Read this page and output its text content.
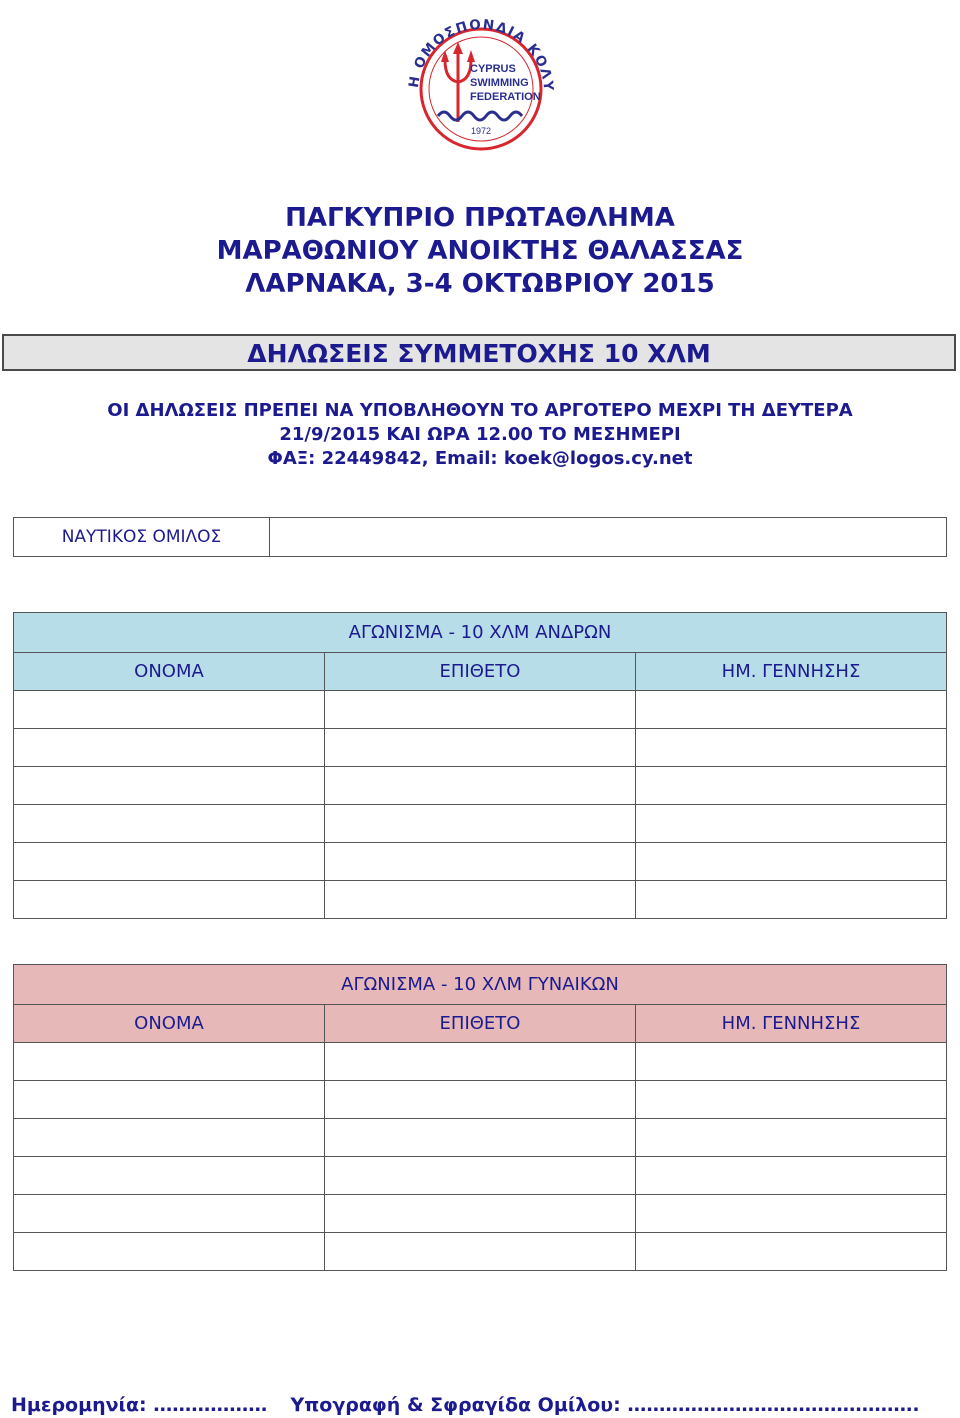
Η ΟΜΟΣΠΟΝΔΙΑ ΚΟΛΥ
CYPRUS
SWIMMING
FEDERATION
1972
ΠΑΓΚΥΠΡΙΟ ΠΡΩΤΑΘΛΗΜΑ
ΜΑΡΑΘΩΝΙΟΥ ΑΝΟΙΚΤΗΣ ΘΑΛΑΣΣΑΣ
ΛΑΡΝΑΚΑ, 3-4 ΟΚΤΩΒΡΙΟΥ 2015
ΔΗΛΩΣΕΙΣ ΣΥΜΜΕΤΟΧΗΣ 10 ΧΛΜ
ΟΙ ΔΗΛΩΣΕΙΣ ΠΡΕΠΕΙ ΝΑ ΥΠΟΒΛΗΘΟΥΝ ΤΟ ΑΡΓΟΤΕΡΟ ΜΕΧΡΙ ΤΗ ΔΕΥΤΕΡΑ
21/9/2015 ΚΑΙ ΩΡΑ 12.00 ΤΟ ΜΕΣΗΜΕΡΙ
ΦΑΞ: 22449842, Email: koek@logos.cy.net
ΝΑΥΤΙΚΟΣ ΟΜΙΛΟΣ
ΑΓΩΝΙΣΜΑ - 10 ΧΛΜ ΑΝΔΡΩΝ		
ΟΝΟΜΑ	ΕΠΙΘΕΤΟ	ΗΜ. ΓΕΝΝΗΣΗΣ

ΑΓΩΝΙΣΜΑ - 10 ΧΛΜ ΓΥΝΑΙΚΩΝ		
ΟΝΟΜΑ	ΕΠΙΘΕΤΟ	ΗΜ. ΓΕΝΝΗΣΗΣ

Ημερομηνία: ……………… Υπογραφή & Σφραγίδα Ομίλου: ……………………………………….
